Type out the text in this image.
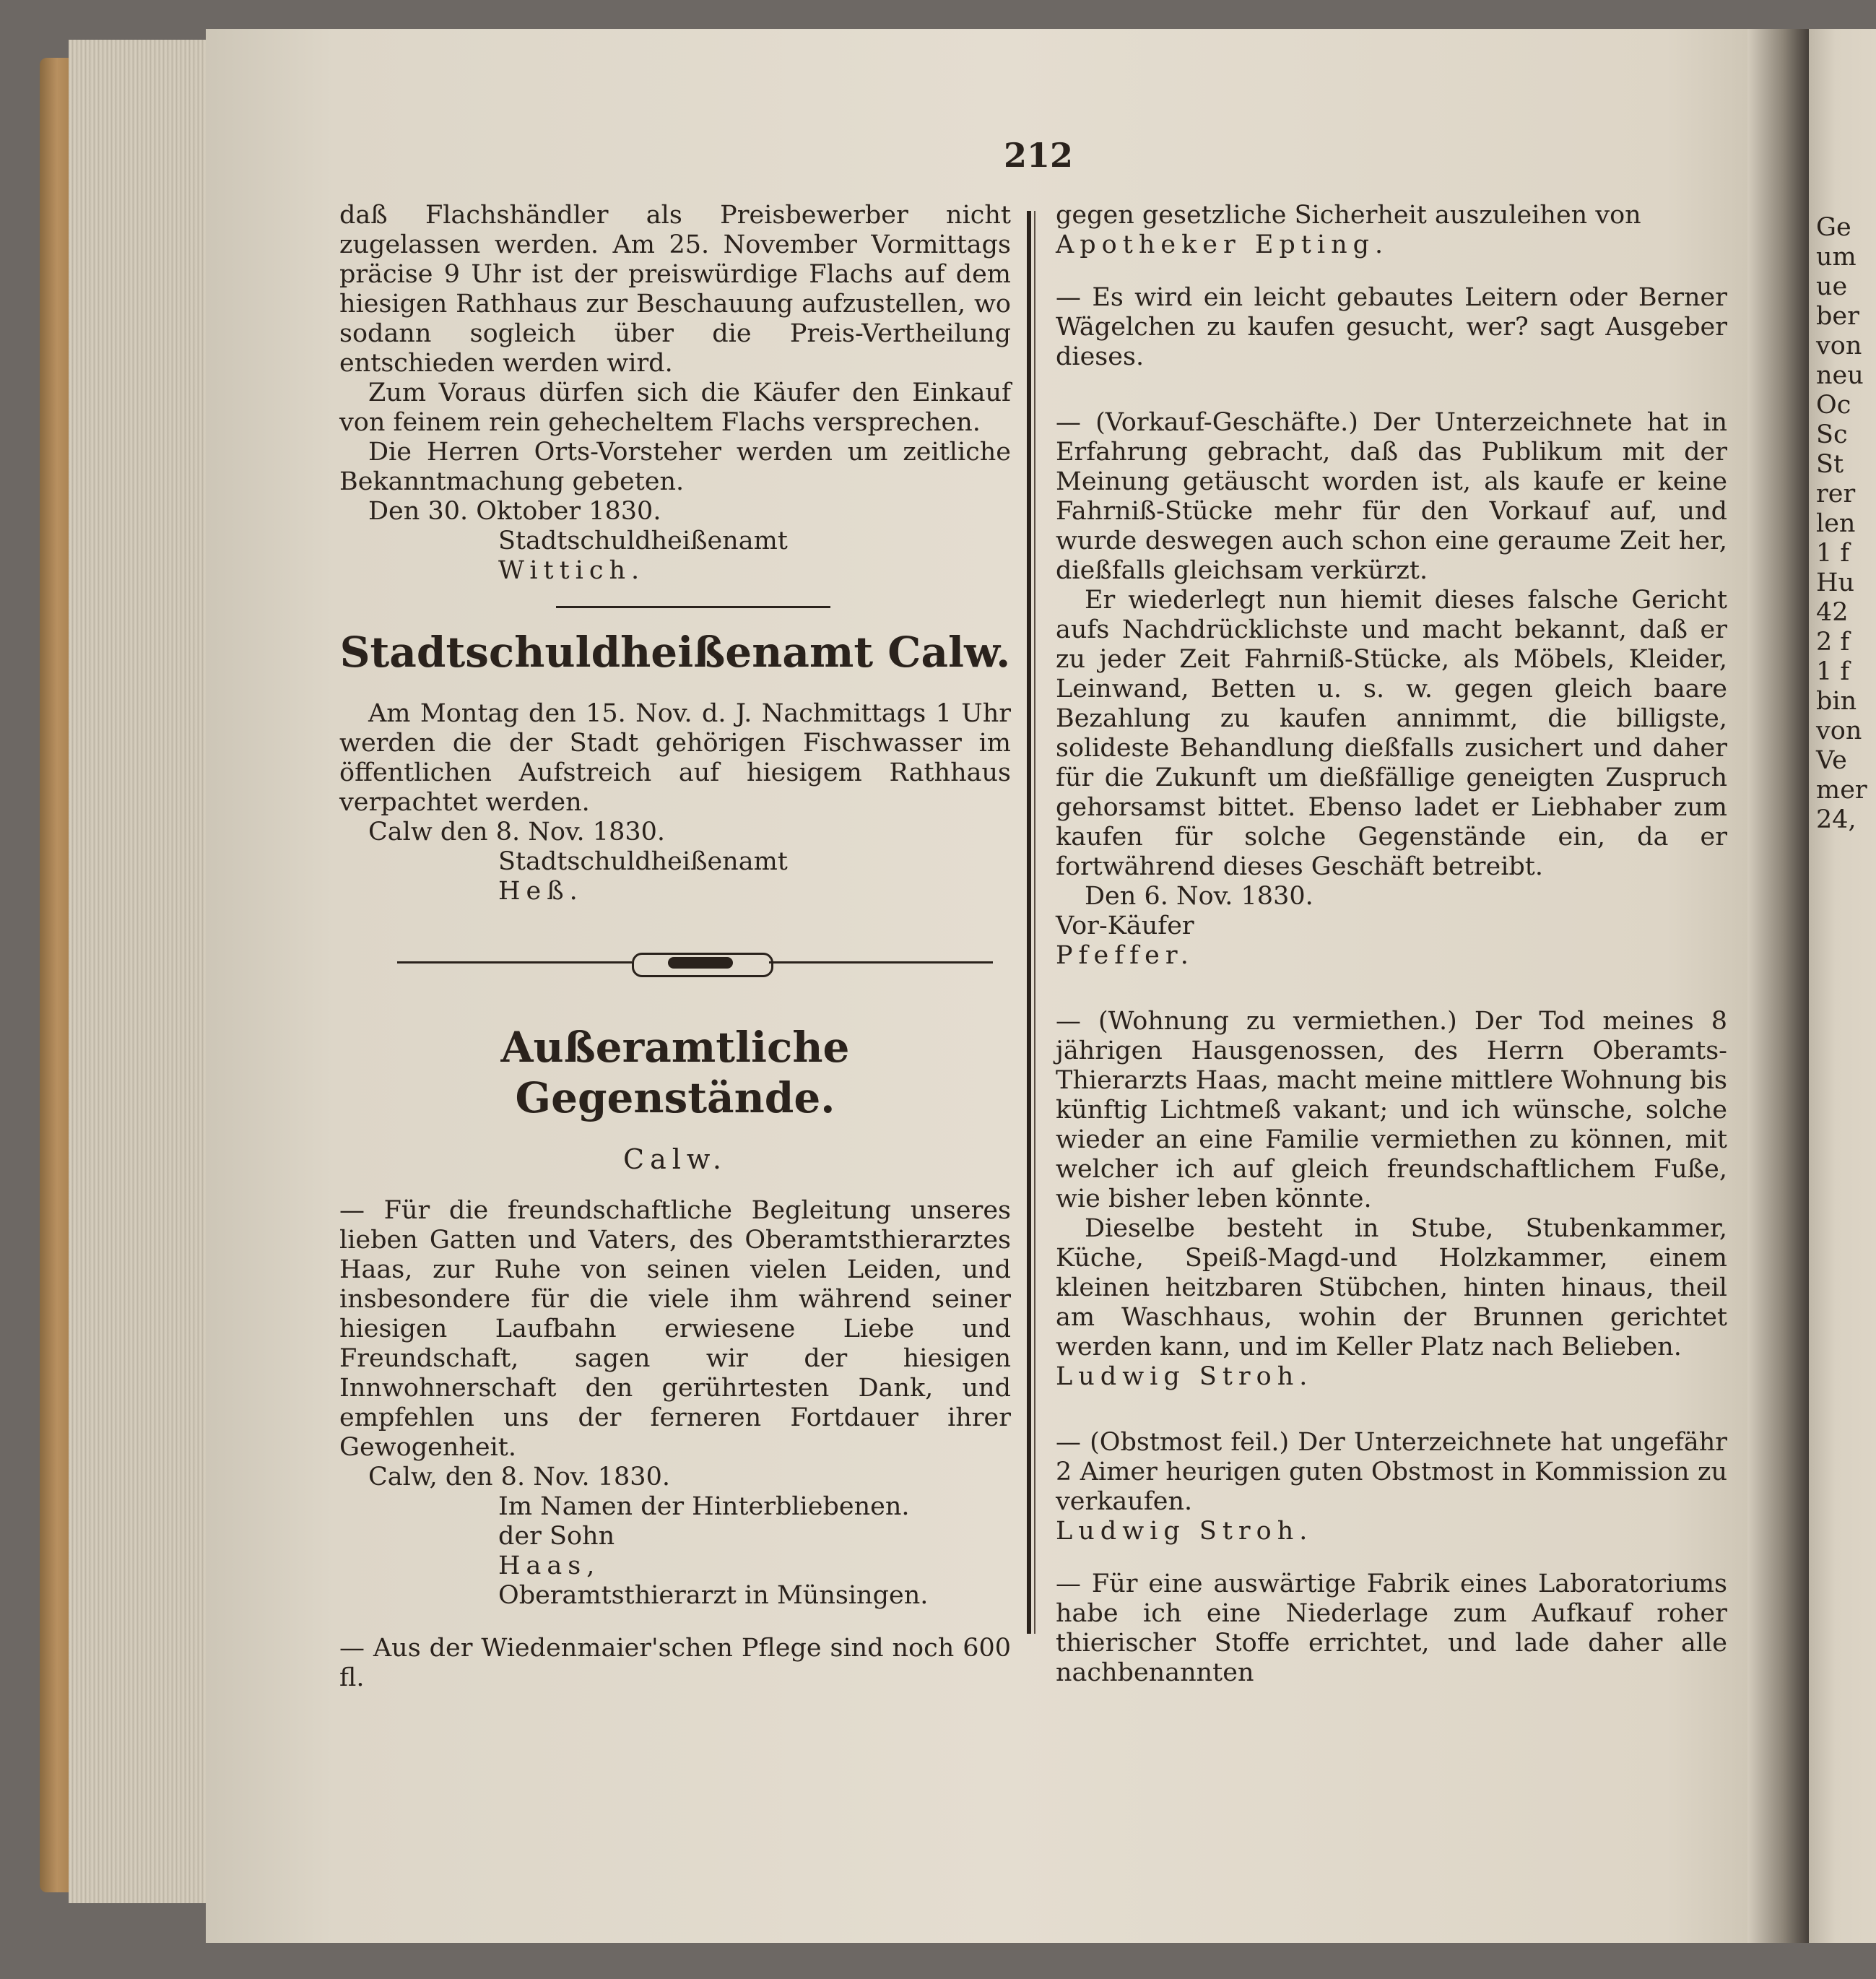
212

daß Flachshändler als Preisbewerber nicht zugelassen werden. Am 25. November Vormittags präcise 9 Uhr ist der preiswürdige Flachs auf dem hiesigen Rathhaus zur Beschauung aufzustellen, wo sodann sogleich über die Preis-Vertheilung entschieden werden wird.

Zum Voraus dürfen sich die Käufer den Einkauf von feinem rein gehecheltem Flachs versprechen.

Die Herren Orts-Vorsteher werden um zeitliche Bekanntmachung gebeten.

Den 30. Oktober 1830.

Stadtschuldheißenamt

Wittich.

Stadtschuldheißenamt Calw.

Am Montag den 15. Nov. d. J. Nachmittags 1 Uhr werden die der Stadt gehörigen Fischwasser im öffentlichen Aufstreich auf hiesigem Rathhaus verpachtet werden.

Calw den 8. Nov. 1830.

Stadtschuldheißenamt

Heß.

Außeramtliche Gegenstände.
Calw.

— Für die freundschaftliche Begleitung unseres lieben Gatten und Vaters, des Oberamtsthierarztes Haas, zur Ruhe von seinen vielen Leiden, und insbesondere für die viele ihm während seiner hiesigen Laufbahn erwiesene Liebe und Freundschaft, sagen wir der hiesigen Innwohnerschaft den gerührtesten Dank, und empfehlen uns der ferneren Fortdauer ihrer Gewogenheit.

Calw, den 8. Nov. 1830.

Im Namen der Hinterbliebenen.

der Sohn

Haas,

Oberamtsthierarzt in Münsingen.

— Aus der Wiedenmaier'schen Pflege sind noch 600 fl.

gegen gesetzliche Sicherheit auszuleihen von

Apotheker Epting.

— Es wird ein leicht gebautes Leitern oder Berner Wägelchen zu kaufen gesucht, wer? sagt Ausgeber dieses.

— (Vorkauf-Geschäfte.) Der Unterzeichnete hat in Erfahrung gebracht, daß das Publikum mit der Meinung getäuscht worden ist, als kaufe er keine Fahrniß-Stücke mehr für den Vorkauf auf, und wurde deswegen auch schon eine geraume Zeit her, dießfalls gleichsam verkürzt.

Er wiederlegt nun hiemit dieses falsche Gericht aufs Nachdrücklichste und macht bekannt, daß er zu jeder Zeit Fahrniß-Stücke, als Möbels, Kleider, Leinwand, Betten u. s. w. gegen gleich baare Bezahlung zu kaufen annimmt, die billigste, solideste Behandlung dießfalls zusichert und daher für die Zukunft um dießfällige geneigten Zuspruch gehorsamst bittet. Ebenso ladet er Liebhaber zum kaufen für solche Gegenstände ein, da er fortwährend dieses Geschäft betreibt.

Den 6. Nov. 1830.

Vor-Käufer

Pfeffer.

— (Wohnung zu vermiethen.) Der Tod meines 8 jährigen Hausgenossen, des Herrn Oberamts-Thierarzts Haas, macht meine mittlere Wohnung bis künftig Lichtmeß vakant; und ich wünsche, solche wieder an eine Familie vermiethen zu können, mit welcher ich auf gleich freundschaftlichem Fuße, wie bisher leben könnte.

Dieselbe besteht in Stube, Stubenkammer, Küche, Speiß-Magd-und Holzkammer, einem kleinen heitzbaren Stübchen, hinten hinaus, theil am Waschhaus, wohin der Brunnen gerichtet werden kann, und im Keller Platz nach Belieben.

Ludwig Stroh.

— (Obstmost feil.) Der Unterzeichnete hat ungefähr 2 Aimer heurigen guten Obstmost in Kommission zu verkaufen.

Ludwig Stroh.

— Für eine auswärtige Fabrik eines Laboratoriums habe ich eine Niederlage zum Aufkauf roher thierischer Stoffe errichtet, und lade daher alle nachbenannten

Ge
um
ue
ber
von
neu
Oc
Sc
St
rer
len
1 f
Hu
42
2 f
1 f
bin
von
Ve
mer
24,
